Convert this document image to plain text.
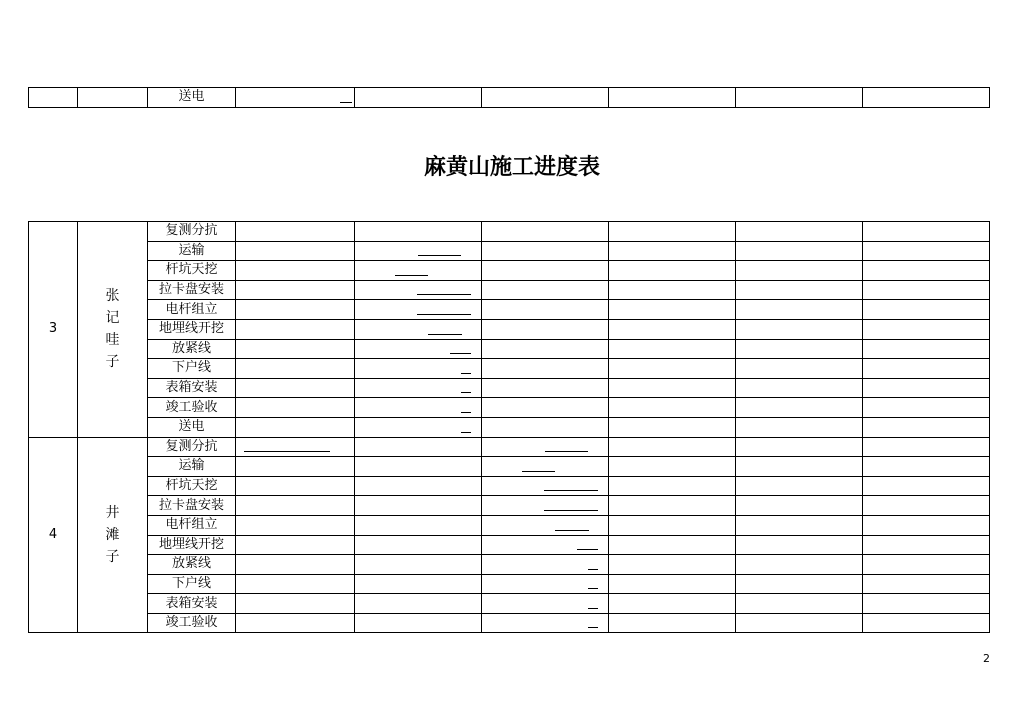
		送电	

麻黄山施工进度表
3	张记哇子	复测分抗						
		运输		

		杆坑天挖		

		拉卡盘安装		

		电杆组立		

		地埋线开挖		

		放紧线		

		下户线		

		表箱安装		

		竣工验收		

		送电		

4	井滩子	复测分抗	

		运输			

		杆坑天挖			

		拉卡盘安装			

		电杆组立			

		地埋线开挖			

		放紧线			

		下户线			

		表箱安装			

		竣工验收			

2
